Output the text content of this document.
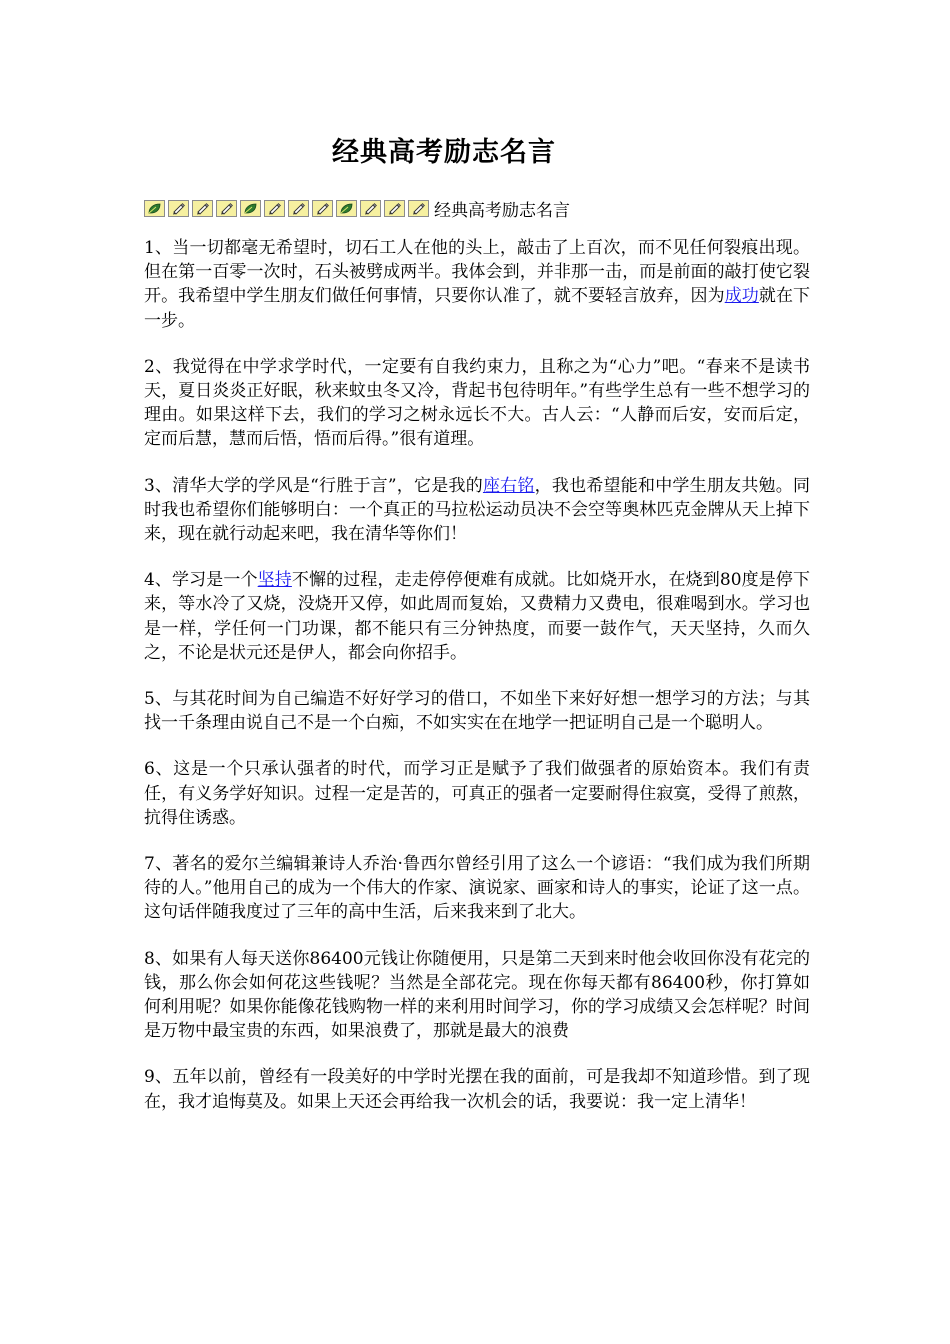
经典高考励志名言
经典高考励志名言

1、当一切都毫无希望时，切石工人在他的头上，敲击了上百次，而不见任何裂痕出现。但在第一百零一次时，石头被劈成两半。我体会到，并非那一击，而是前面的敲打使它裂开。我希望中学生朋友们做任何事情，只要你认准了，就不要轻言放弃，因为成功就在下一步。

2、我觉得在中学求学时代，一定要有自我约束力，且称之为“心力”吧。“春来不是读书天，夏日炎炎正好眠，秋来蚊虫冬又冷，背起书包待明年。”有些学生总有一些不想学习的理由。如果这样下去，我们的学习之树永远长不大。古人云：“人静而后安，安而后定，定而后慧，慧而后悟，悟而后得。”很有道理。

3、清华大学的学风是“行胜于言”，它是我的座右铭，我也希望能和中学生朋友共勉。同时我也希望你们能够明白：一个真正的马拉松运动员决不会空等奥林匹克金牌从天上掉下来，现在就行动起来吧，我在清华等你们！

4、学习是一个坚持不懈的过程，走走停停便难有成就。比如烧开水，在烧到80度是停下来，等水冷了又烧，没烧开又停，如此周而复始，又费精力又费电，很难喝到水。学习也是一样，学任何一门功课，都不能只有三分钟热度，而要一鼓作气，天天坚持，久而久之，不论是状元还是伊人，都会向你招手。

5、与其花时间为自己编造不好好学习的借口，不如坐下来好好想一想学习的方法；与其找一千条理由说自己不是一个白痴，不如实实在在地学一把证明自己是一个聪明人。

6、这是一个只承认强者的时代，而学习正是赋予了我们做强者的原始资本。我们有责任，有义务学好知识。过程一定是苦的，可真正的强者一定要耐得住寂寞，受得了煎熬，抗得住诱惑。

7、著名的爱尔兰编辑兼诗人乔治·鲁西尔曾经引用了这么一个谚语：“我们成为我们所期待的人。”他用自己的成为一个伟大的作家、演说家、画家和诗人的事实，论证了这一点。这句话伴随我度过了三年的高中生活，后来我来到了北大。

8、如果有人每天送你86400元钱让你随便用，只是第二天到来时他会收回你没有花完的钱，那么你会如何花这些钱呢？当然是全部花完。现在你每天都有86400秒，你打算如何利用呢？如果你能像花钱购物一样的来利用时间学习，你的学习成绩又会怎样呢？时间是万物中最宝贵的东西，如果浪费了，那就是最大的浪费

9、五年以前，曾经有一段美好的中学时光摆在我的面前，可是我却不知道珍惜。到了现在，我才追悔莫及。如果上天还会再给我一次机会的话，我要说：我一定上清华！
